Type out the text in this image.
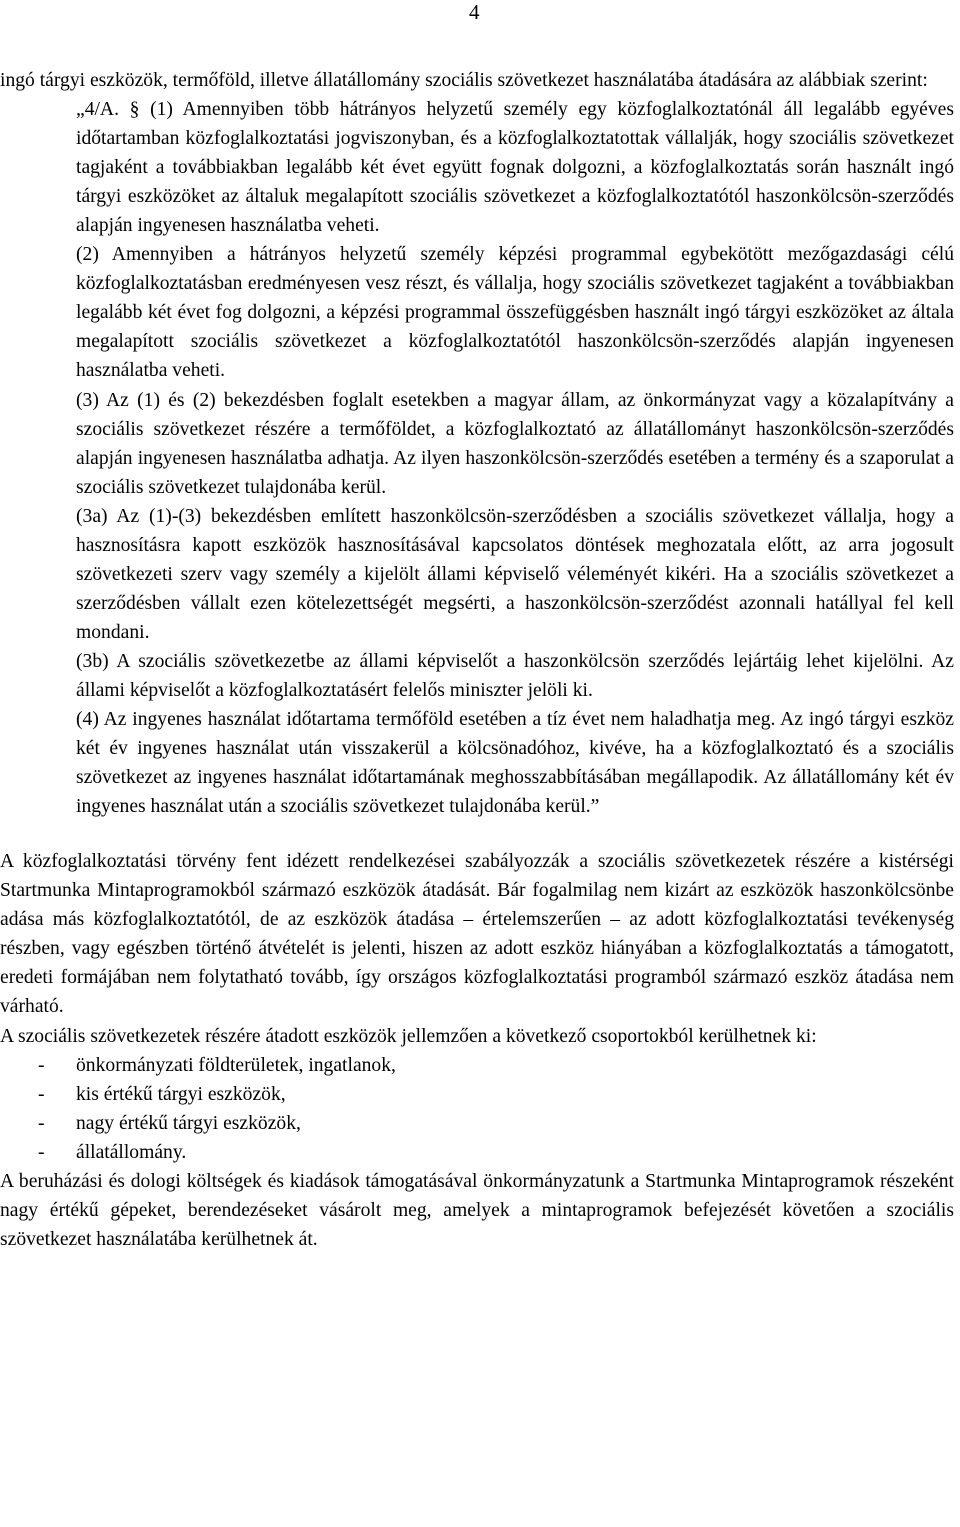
4

ingó tárgyi eszközök, termőföld, illetve állatállomány szociális szövetkezet használatába átadására az alábbiak szerint:

„4/A. § (1) Amennyiben több hátrányos helyzetű személy egy közfoglalkoztatónál áll legalább egyéves időtartamban közfoglalkoztatási jogviszonyban, és a közfoglalkoztatottak vállalják, hogy szociális szövetkezet tagjaként a továbbiakban legalább két évet együtt fognak dolgozni, a közfoglalkoztatás során használt ingó tárgyi eszközöket az általuk megalapított szociális szövetkezet a közfoglalkoztatótól haszonkölcsön-szerződés alapján ingyenesen használatba veheti.

(2) Amennyiben a hátrányos helyzetű személy képzési programmal egybekötött mezőgazdasági célú közfoglalkoztatásban eredményesen vesz részt, és vállalja, hogy szociális szövetkezet tagjaként a továbbiakban legalább két évet fog dolgozni, a képzési programmal összefüggésben használt ingó tárgyi eszközöket az általa megalapított szociális szövetkezet a közfoglalkoztatótól haszonkölcsön-szerződés alapján ingyenesen használatba veheti.

(3) Az (1) és (2) bekezdésben foglalt esetekben a magyar állam, az önkormányzat vagy a közalapítvány a szociális szövetkezet részére a termőföldet, a közfoglalkoztató az állatállományt haszonkölcsön-szerződés alapján ingyenesen használatba adhatja. Az ilyen haszonkölcsön-szerződés esetében a termény és a szaporulat a szociális szövetkezet tulajdonába kerül.

(3a) Az (1)-(3) bekezdésben említett haszonkölcsön-szerződésben a szociális szövetkezet vállalja, hogy a hasznosításra kapott eszközök hasznosításával kapcsolatos döntések meghozatala előtt, az arra jogosult szövetkezeti szerv vagy személy a kijelölt állami képviselő véleményét kikéri. Ha a szociális szövetkezet a szerződésben vállalt ezen kötelezettségét megsérti, a haszonkölcsön-szerződést azonnali hatállyal fel kell mondani.

(3b) A szociális szövetkezetbe az állami képviselőt a haszonkölcsön szerződés lejártáig lehet kijelölni. Az állami képviselőt a közfoglalkoztatásért felelős miniszter jelöli ki.

(4) Az ingyenes használat időtartama termőföld esetében a tíz évet nem haladhatja meg. Az ingó tárgyi eszköz két év ingyenes használat után visszakerül a kölcsönadóhoz, kivéve, ha a közfoglalkoztató és a szociális szövetkezet az ingyenes használat időtartamának meghosszabbításában megállapodik. Az állatállomány két év ingyenes használat után a szociális szövetkezet tulajdonába kerül.”

A közfoglalkoztatási törvény fent idézett rendelkezései szabályozzák a szociális szövetkezetek részére a kistérségi Startmunka Mintaprogramokból származó eszközök átadását. Bár fogalmilag nem kizárt az eszközök haszonkölcsönbe adása más közfoglalkoztatótól, de az eszközök átadása – értelemszerűen – az adott közfoglalkoztatási tevékenység részben, vagy egészben történő átvételét is jelenti, hiszen az adott eszköz hiányában a közfoglalkoztatás a támogatott, eredeti formájában nem folytatható tovább, így országos közfoglalkoztatási programból származó eszköz átadása nem várható.

A szociális szövetkezetek részére átadott eszközök jellemzően a következő csoportokból kerülhetnek ki:

- önkormányzati földterületek, ingatlanok,
- kis értékű tárgyi eszközök,
- nagy értékű tárgyi eszközök,
- állatállomány.

A beruházási és dologi költségek és kiadások támogatásával önkormányzatunk a Startmunka Mintaprogramok részeként nagy értékű gépeket, berendezéseket vásárolt meg, amelyek a mintaprogramok befejezését követően a szociális szövetkezet használatába kerülhetnek át.
